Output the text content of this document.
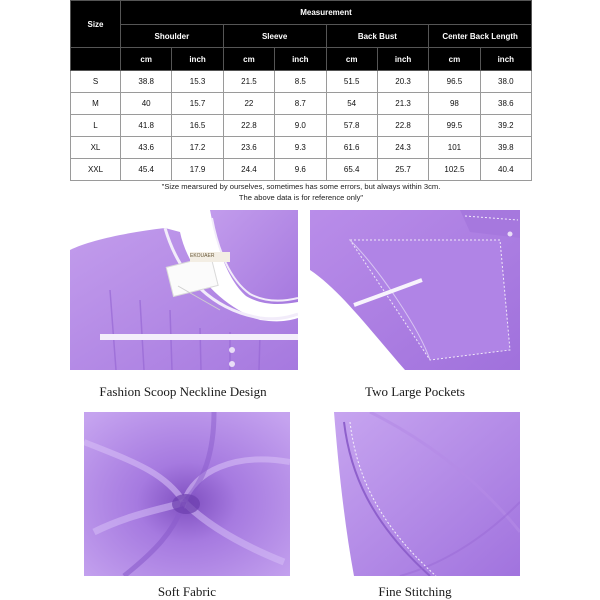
Size	Measurement							
	Shoulder		Sleeve		Back Bust		Center Back Length	
	cm	inch	cm	inch	cm	inch	cm	inch
S	38.8	15.3	21.5	8.5	51.5	20.3	96.5	38.0
M	40	15.7	22	8.7	54	21.3	98	38.6
L	41.8	16.5	22.8	9.0	57.8	22.8	99.5	39.2
XL	43.6	17.2	23.6	9.3	61.6	24.3	101	39.8
XXL	45.4	17.9	24.4	9.6	65.4	25.7	102.5	40.4
"Size mearsured by ourselves, sometimes has some errors, but always within 3cm.
The above data is for reference only"
Fashion Scoop Neckline Design
EKOUAER
Two Large Pockets
Soft Fabric	Fine Stitching
